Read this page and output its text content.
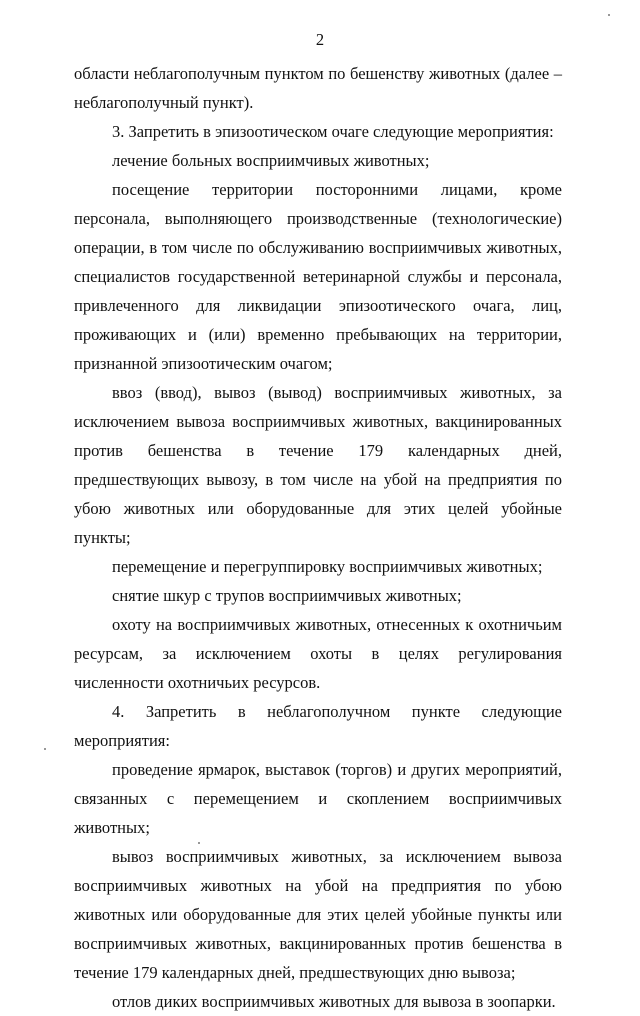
2

области неблагополучным пунктом по бешенству животных (далее – неблагополучный пункт).

3. Запретить в эпизоотическом очаге следующие мероприятия:

лечение больных восприимчивых животных;

посещение территории посторонними лицами, кроме персонала, выполняющего производственные (технологические) операции, в том числе по обслуживанию восприимчивых животных, специалистов государственной ветеринарной службы и персонала, привлеченного для ликвидации эпизоотического очага, лиц, проживающих и (или) временно пребывающих на территории, признанной эпизоотическим очагом;

ввоз (ввод), вывоз (вывод) восприимчивых животных, за исключением вывоза восприимчивых животных, вакцинированных против бешенства в течение 179 календарных дней, предшествующих вывозу, в том числе на убой на предприятия по убою животных или оборудованные для этих целей убойные пункты;

перемещение и перегруппировку восприимчивых животных;

снятие шкур с трупов восприимчивых животных;

охоту на восприимчивых животных, отнесенных к охотничьим ресурсам, за исключением охоты в целях регулирования численности охотничьих ресурсов.

4. Запретить в неблагополучном пункте следующие мероприятия:

проведение ярмарок, выставок (торгов) и других мероприятий, связанных с перемещением и скоплением восприимчивых животных;

вывоз восприимчивых животных, за исключением вывоза восприимчивых животных на убой на предприятия по убою животных или оборудованные для этих целей убойные пункты или восприимчивых животных, вакцинированных против бешенства в течение 179 календарных дней, предшествующих дню вывоза;

отлов диких восприимчивых животных для вывоза в зоопарки.
